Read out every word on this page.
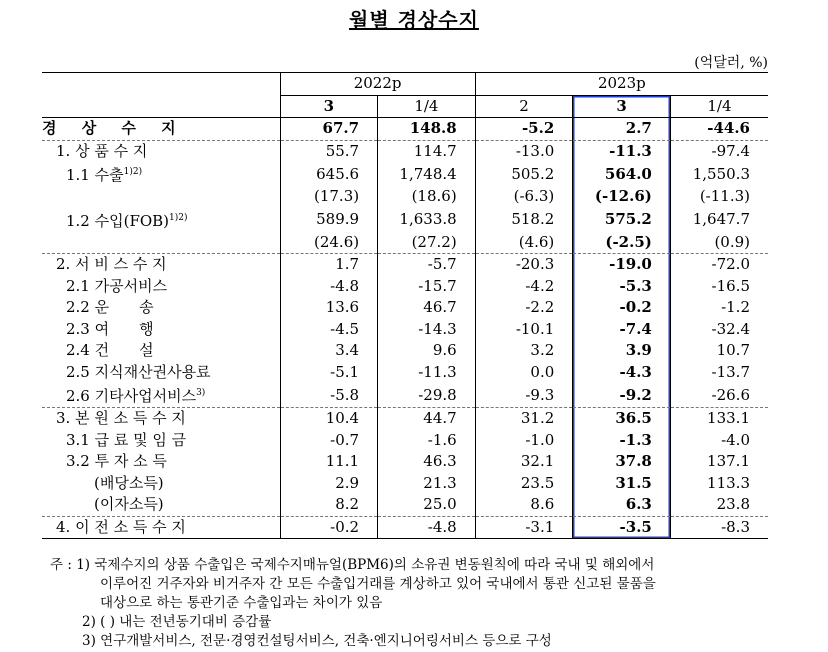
월별 경상수지
(억달러, %)
	2022p		2023p		
	3	1/4	2	3	1/4
경 상 수 지	67.7	148.8	-5.2	2.7	-44.6
1. 상 품 수 지	55.7	114.7	-13.0	-11.3	-97.4
1.1 수출$^{1)2)}$	645.6	1,748.4	505.2	564.0	1,550.3
	(17.3)	(18.6)	(-6.3)	(-12.6)	(-11.3)
1.2 수입(FOB)$^{1)2)}$	589.9	1,633.8	518.2	575.2	1,647.7
	(24.6)	(27.2)	(4.6)	(-2.5)	(0.9)
2. 서 비 스 수 지	1.7	-5.7	-20.3	-19.0	-72.0
2.1 가공서비스	-4.8	-15.7	-4.2	-5.3	-16.5
2.2 운　　송	13.6	46.7	-2.2	-0.2	-1.2
2.3 여　　행	-4.5	-14.3	-10.1	-7.4	-32.4
2.4 건　　설	3.4	9.6	3.2	3.9	10.7
2.5 지식재산권사용료	-5.1	-11.3	0.0	-4.3	-13.7
2.6 기타사업서비스$^{3)}$	-5.8	-29.8	-9.3	-9.2	-26.6
3. 본 원 소 득 수 지	10.4	44.7	31.2	36.5	133.1
3.1 급 료 및 임 금	-0.7	-1.6	-1.0	-1.3	-4.0
3.2 투 자 소 득	11.1	46.3	32.1	37.8	137.1
(배당소득)	2.9	21.3	23.5	31.5	113.3
(이자소득)	8.2	25.0	8.6	6.3	23.8
4. 이 전 소 득 수 지	-0.2	-4.8	-3.1	-3.5	-8.3
주 : 1) 국제수지의 상품 수출입은 국제수지매뉴얼(BPM6)의 소유권 변동원칙에 따라 국내 및 해외에서
이루어진 거주자와 비거주자 간 모든 수출입거래를 계상하고 있어 국내에서 통관 신고된 물품을
대상으로 하는 통관기준 수출입과는 차이가 있음
2) ( ) 내는 전년동기대비 증감률
3) 연구개발서비스, 전문·경영컨설팅서비스, 건축·엔지니어링서비스 등으로 구성
